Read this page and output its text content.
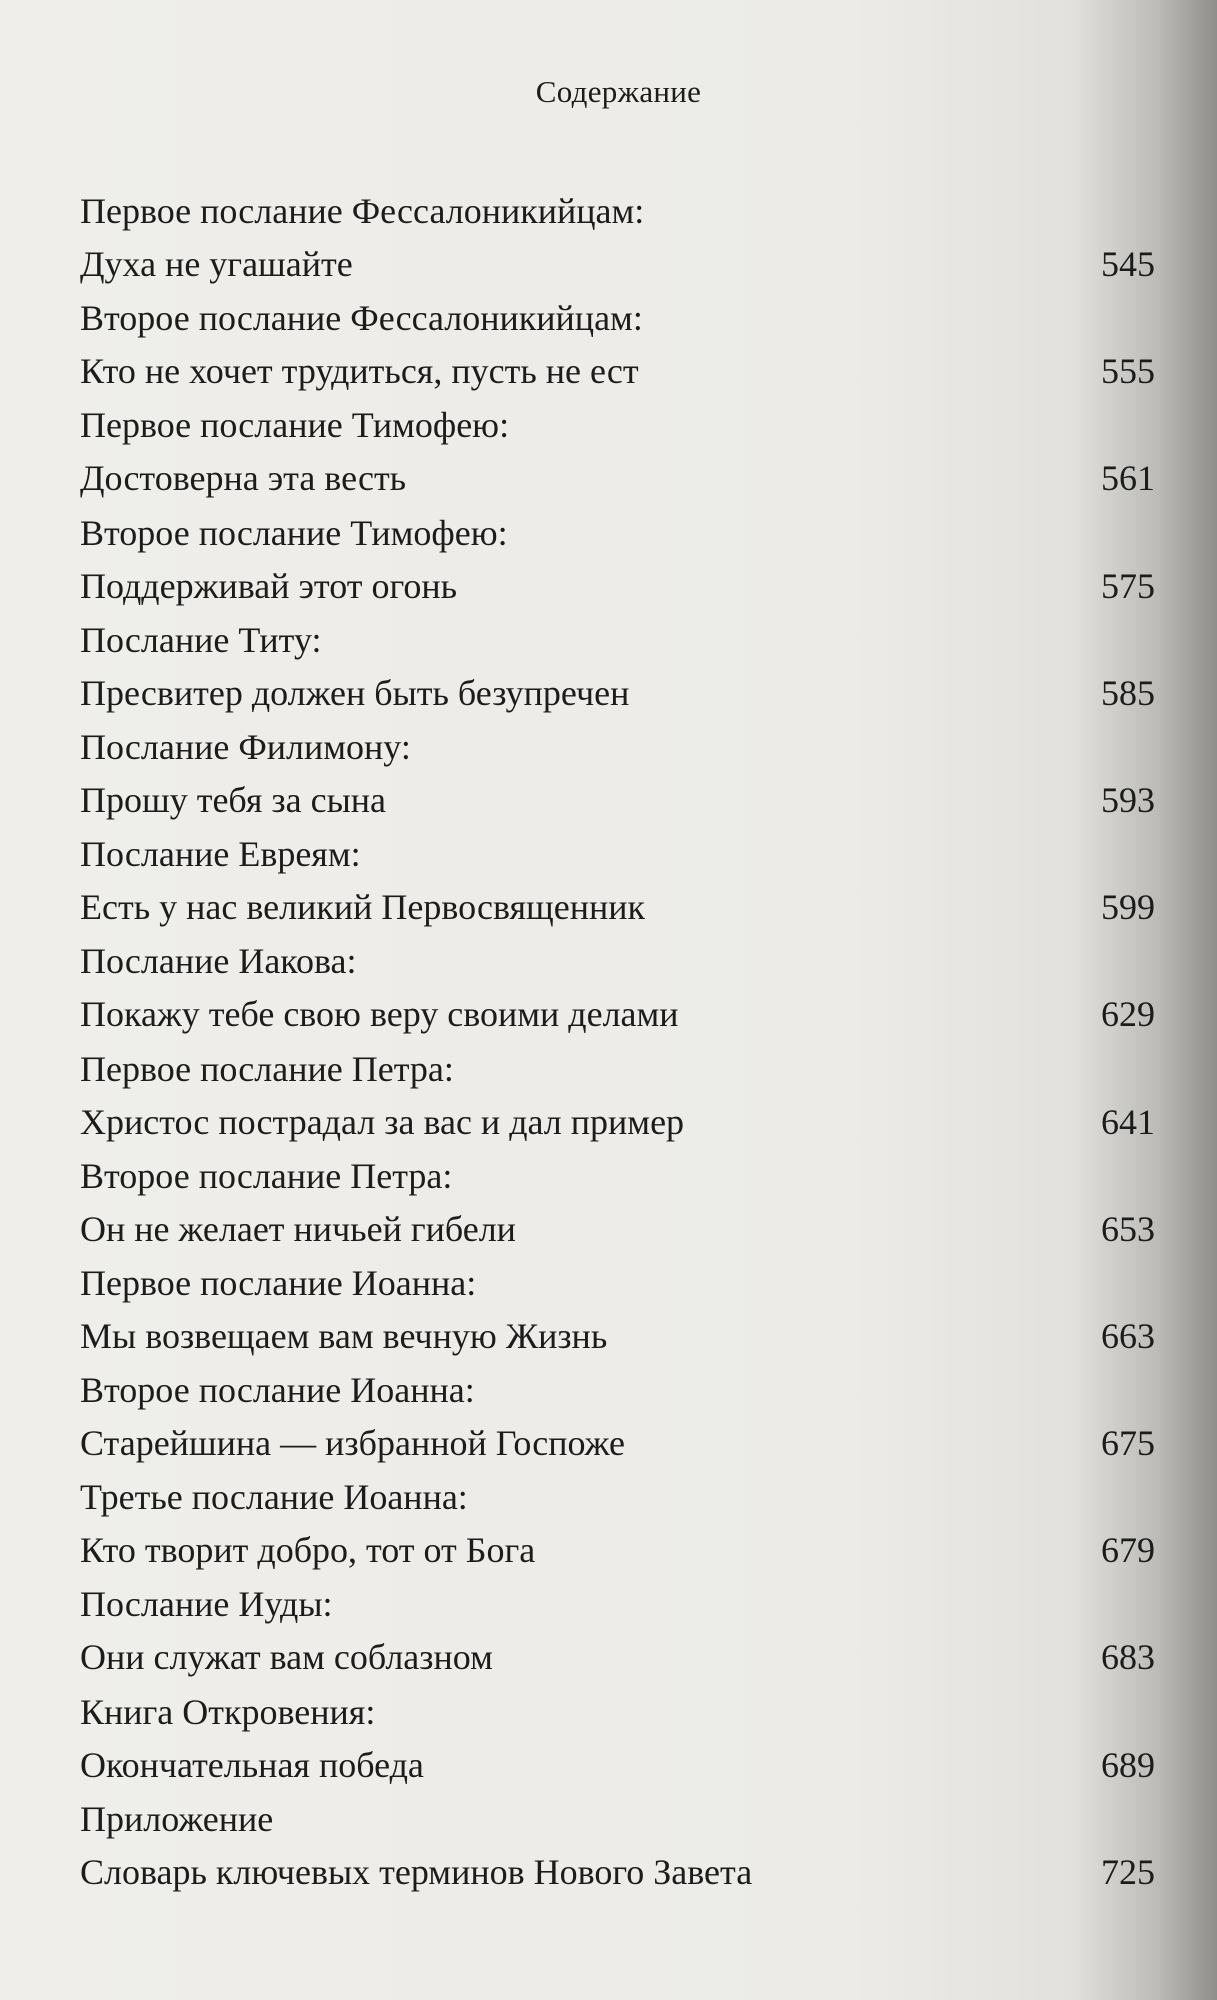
Содержание
Первое послание Фессалоникийцам:
Духа не угашайте	545
Второе послание Фессалоникийцам:
Кто не хочет трудиться, пусть не ест	555
Первое послание Тимофею:
Достоверна эта весть	561
Второе послание Тимофею:
Поддерживай этот огонь	575
Послание Титу:
Пресвитер должен быть безупречен	585
Послание Филимону:
Прошу тебя за сына	593
Послание Евреям:
Есть у нас великий Первосвященник	599
Послание Иакова:
Покажу тебе свою веру своими делами	629
Первое послание Петра:
Христос пострадал за вас и дал пример	641
Второе послание Петра:
Он не желает ничьей гибели	653
Первое послание Иоанна:
Мы возвещаем вам вечную Жизнь	663
Второе послание Иоанна:
Старейшина — избранной Госпоже	675
Третье послание Иоанна:
Кто творит добро, тот от Бога	679
Послание Иуды:
Они служат вам соблазном	683
Книга Откровения:
Окончательная победа	689
Приложение
Словарь ключевых терминов Нового Завета	725
